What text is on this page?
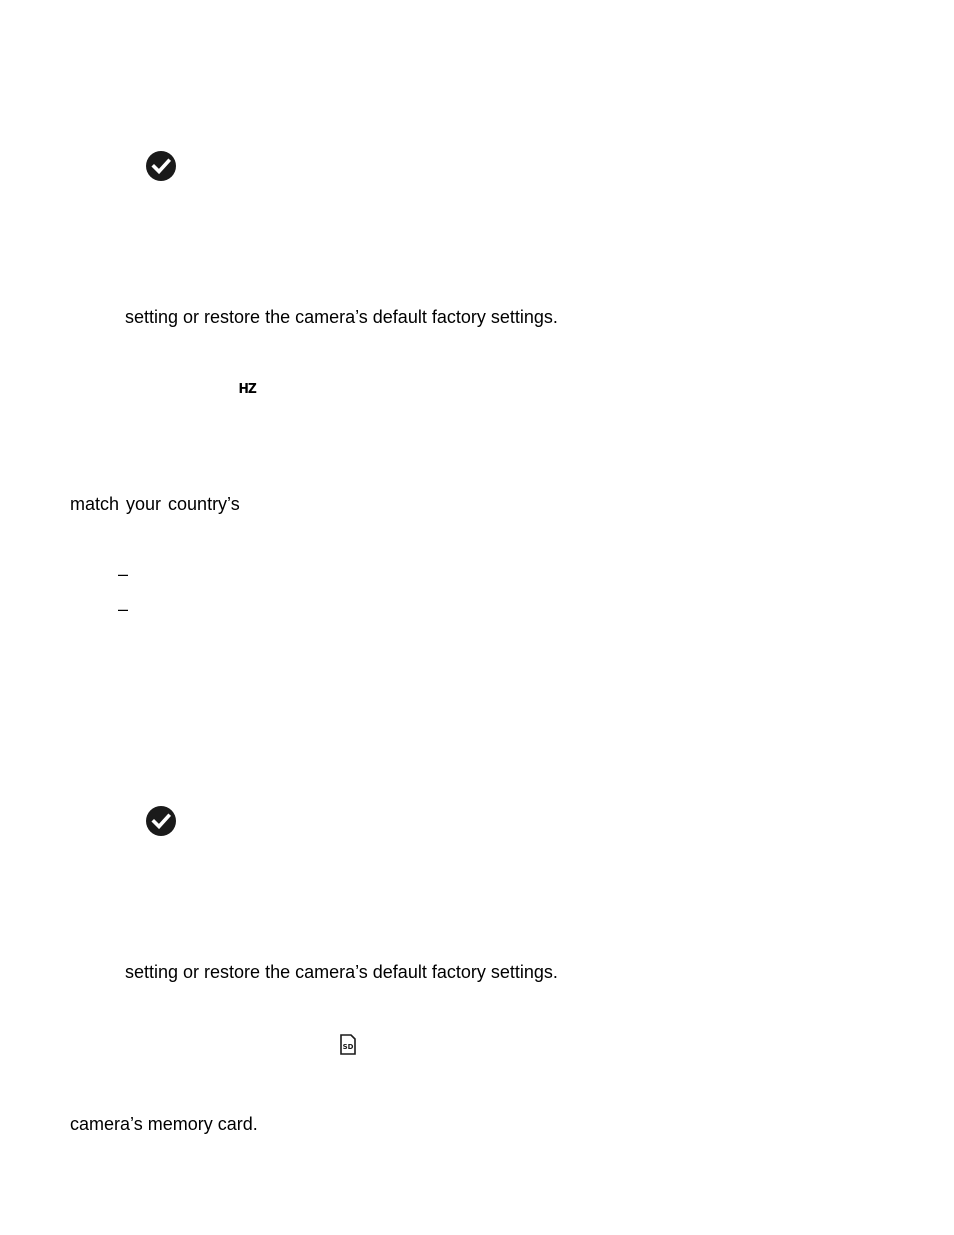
setting or restore the camera’s default factory settings.
HZ
match your country’s
–
–
setting or restore the camera’s default factory settings.
SD
camera’s memory card.
